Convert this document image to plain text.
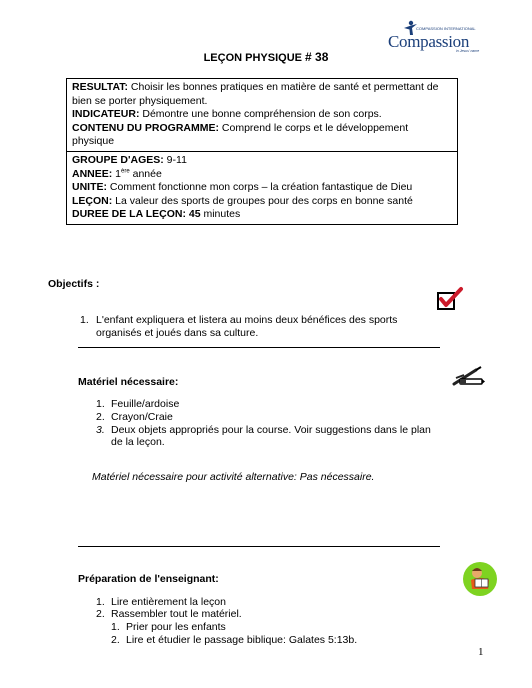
COMPASSION INTERNATIONAL
Compassion
in Jesus' name
LEÇON PHYSIQUE # 38
RESULTAT: Choisir les bonnes pratiques en matière de santé et permettant de
bien se porter physiquement.
INDICATEUR: Démontre une bonne compréhension de son corps.
CONTENU DU PROGRAMME: Comprend le corps et le développement physique
GROUPE D'AGES: 9-11
ANNEE: 1ère année
UNITE: Comment fonctionne mon corps – la création fantastique de Dieu
LEÇON: La valeur des sports de groupes pour des corps en bonne santé
DUREE DE LA LEÇON: 45 minutes
Objectifs :
1. L'enfant expliquera et listera au moins deux bénéfices des sports
organisés et joués dans sa culture.
Matériel nécessaire:
1. Feuille/ardoise
2. Crayon/Craie
3. Deux objets appropriés pour la course. Voir suggestions dans le plan
de la leçon.
Matériel nécessaire pour activité alternative: Pas nécessaire.
Préparation de l'enseignant:
1. Lire entièrement la leçon
2. Rassembler tout le matériel.
1. Prier pour les enfants
2. Lire et étudier le passage biblique: Galates 5:13b.
1
